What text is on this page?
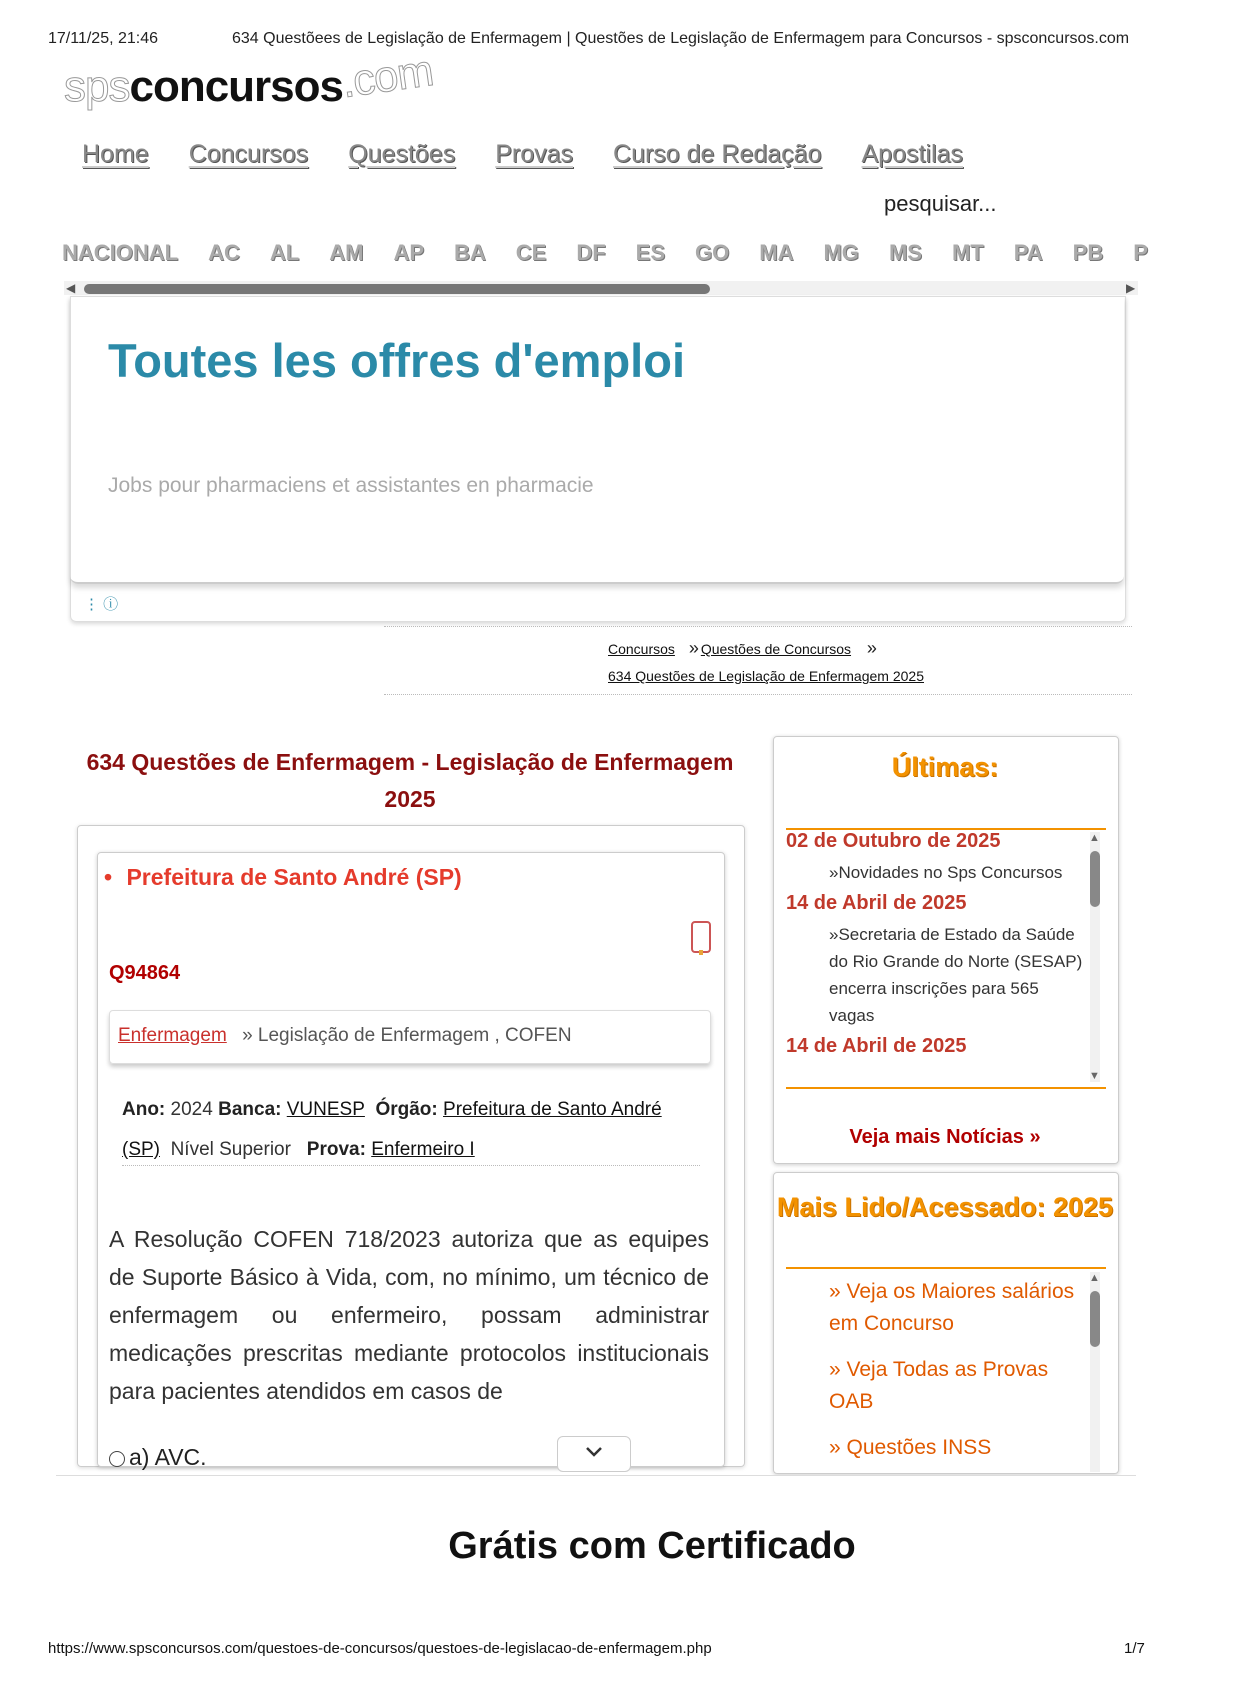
17/11/25, 21:46	634 Questõees de Legislação de Enfermagem | Questões de Legislação de Enfermagem para Concursos - spsconcursos.com
spsconcursos.com
Home Concursos Questões Provas Curso de Redação Apostilas
pesquisar...
NACIONAL AC AL AM AP BA CE DF ES GO MA MG MS MT PA PB P
◀	▶
Toutes les offres d'emploi
Jobs pour pharmaciens et assistantes en pharmacie
⋮ ⓘ
Concursos » Questões de Concursos »
634 Questões de Legislação de Enfermagem 2025
634 Questões de Enfermagem - Legislação de Enfermagem 2025
• Prefeitura de Santo André (SP)
Q94864
Enfermagem » Legislação de Enfermagem , COFEN
Ano: 2024 Banca: VUNESP Órgão: Prefeitura de Santo André (SP) Nível Superior Prova: Enfermeiro I
A Resolução COFEN 718/2023 autoriza que as equipes de Suporte Básico à Vida, com, no mínimo, um técnico de enfermagem ou enfermeiro, possam administrar medicações prescritas mediante protocolos institucionais para pacientes atendidos em casos de
a) AVC.
Últimas:
02 de Outubro de 2025
»Novidades no Sps Concursos
14 de Abril de 2025
»Secretaria de Estado da Saúde do Rio Grande do Norte (SESAP) encerra inscrições para 565 vagas
14 de Abril de 2025
▲
▼
Veja mais Notícias »
Mais Lido/Acessado: 2025
» Veja os Maiores salários em Concurso
» Veja Todas as Provas OAB
» Questões INSS
▲
Grátis com Certificado
https://www.spsconcursos.com/questoes-de-concursos/questoes-de-legislacao-de-enfermagem.php	1/7
